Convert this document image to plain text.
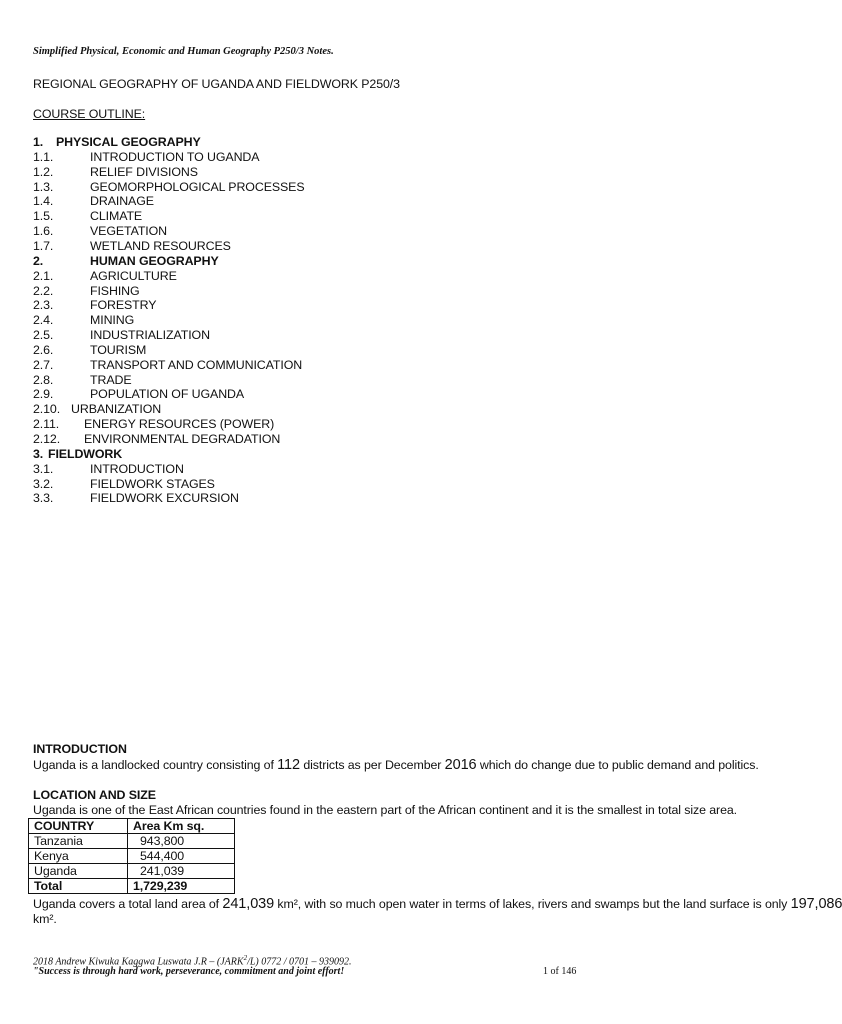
Simplified Physical, Economic and Human Geography P250/3 Notes.
REGIONAL GEOGRAPHY OF UGANDA AND FIELDWORK P250/3
COURSE OUTLINE:
1. PHYSICAL GEOGRAPHY
1.1.	INTRODUCTION TO UGANDA
1.2.	RELIEF DIVISIONS
1.3.	GEOMORPHOLOGICAL PROCESSES
1.4.	DRAINAGE
1.5.	CLIMATE
1.6.	VEGETATION
1.7.	WETLAND RESOURCES
2.	HUMAN GEOGRAPHY
2.1.	AGRICULTURE
2.2.	FISHING
2.3.	FORESTRY
2.4.	MINING
2.5.	INDUSTRIALIZATION
2.6.	TOURISM
2.7.	TRANSPORT AND COMMUNICATION
2.8.	TRADE
2.9.	POPULATION OF UGANDA
2.10. URBANIZATION
2.11. ENERGY RESOURCES (POWER)
2.12. ENVIRONMENTAL DEGRADATION
3. FIELDWORK
3.1.	INTRODUCTION
3.2.	FIELDWORK STAGES
3.3.	FIELDWORK EXCURSION
INTRODUCTION
Uganda is a landlocked country consisting of 112 districts as per December 2016 which do change due to public demand and politics.
LOCATION AND SIZE
Uganda is one of the East African countries found in the eastern part of the African continent and it is the smallest in total size area.
COUNTRY	Area Km sq.
Tanzania	943,800
Kenya	544,400
Uganda	241,039
Total	1,729,239
Uganda covers a total land area of 241,039 km², with so much open water in terms of lakes, rivers and swamps but the land surface is only 197,086
km².
2018 Andrew Kiwuka Kaggwa Luswata J.R – (JARK$^2$/L) 0772 / 0701 – 939092.
"Success is through hard work, perseverance, commitment and joint effort!	1 of 146
